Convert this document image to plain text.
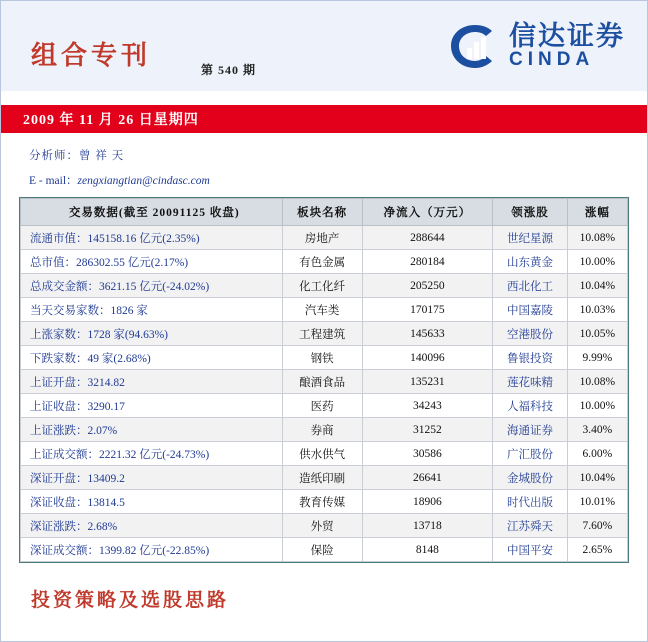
组合专刊	第 540 期
信达证券
CINDA
2009 年 11 月 26 日星期四
分析师：曾 祥 天
E - mail：zengxiangtian@cindasc.com
交易数据(截至 20091125 收盘)	板块名称	净流入（万元）	领涨股	涨幅
流通市值：145158.16 亿元(2.35%)	房地产	288644	世纪星源	10.08%
总市值：286302.55 亿元(2.17%)	有色金属	280184	山东黄金	10.00%
总成交金额：3621.15 亿元(-24.02%)	化工化纤	205250	西北化工	10.04%
当天交易家数：1826 家	汽车类	170175	中国嘉陵	10.03%
上涨家数：1728 家(94.63%)	工程建筑	145633	空港股份	10.05%
下跌家数：49 家(2.68%)	钢铁	140096	鲁银投资	9.99%
上证开盘：3214.82	酿酒食品	135231	莲花味精	10.08%
上证收盘：3290.17	医药	34243	人福科技	10.00%
上证涨跌：2.07%	券商	31252	海通证券	3.40%
上证成交额：2221.32 亿元(-24.73%)	供水供气	30586	广汇股份	6.00%
深证开盘：13409.2	造纸印刷	26641	金城股份	10.04%
深证收盘：13814.5	教育传媒	18906	时代出版	10.01%
深证涨跌：2.68%	外贸	13718	江苏舜天	7.60%
深证成交额：1399.82 亿元(-22.85%)	保险	8148	中国平安	2.65%
投资策略及选股思路
